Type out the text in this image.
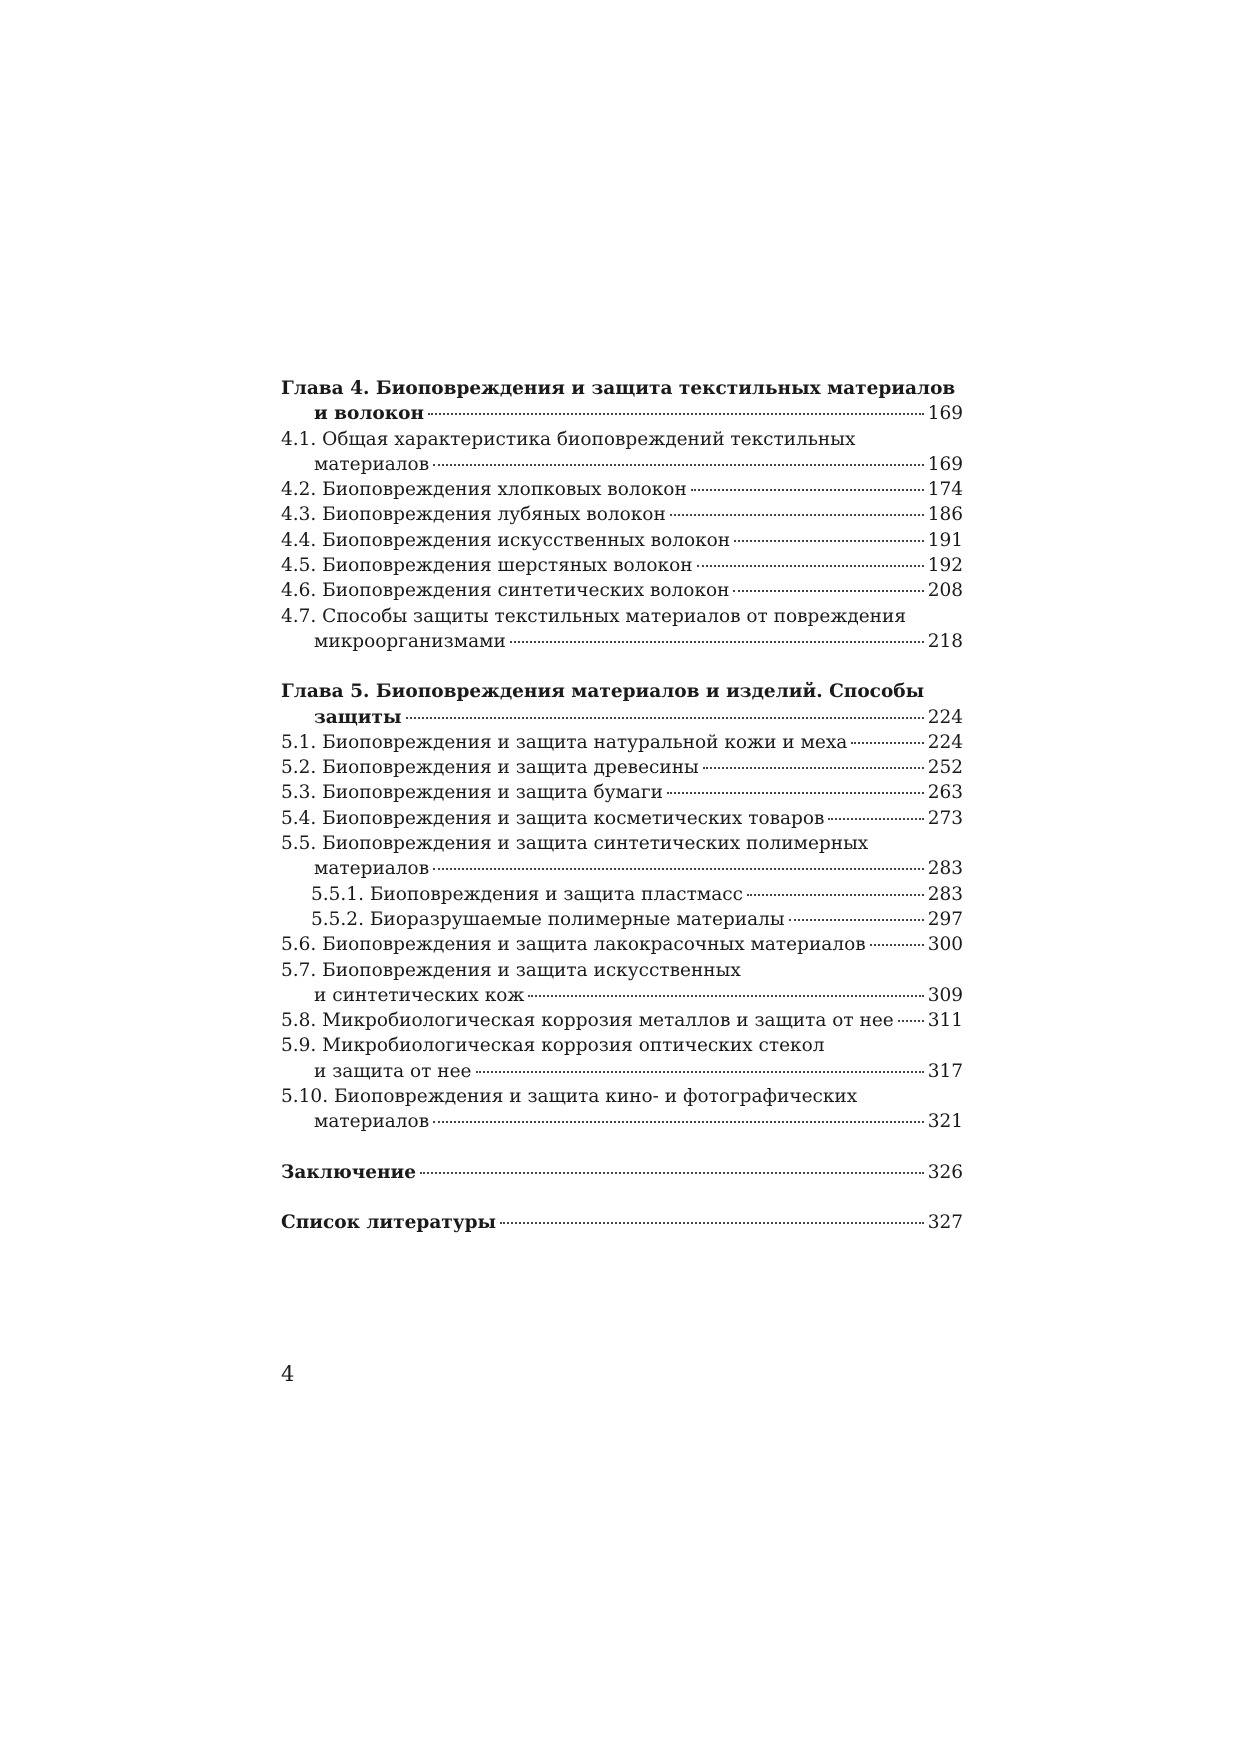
Глава 4. Биоповреждения и защита текстильных материалов
и волокон	169
4.1. Общая характеристика биоповреждений текстильных
материалов	169
4.2. Биоповреждения хлопковых волокон	174
4.3. Биоповреждения лубяных волокон	186
4.4. Биоповреждения искусственных волокон	191
4.5. Биоповреждения шерстяных волокон	192
4.6. Биоповреждения синтетических волокон	208
4.7. Способы защиты текстильных материалов от повреждения
микроорганизмами	218
Глава 5. Биоповреждения материалов и изделий. Способы
защиты	224
5.1. Биоповреждения и защита натуральной кожи и меха	224
5.2. Биоповреждения и защита древесины	252
5.3. Биоповреждения и защита бумаги	263
5.4. Биоповреждения и защита косметических товаров	273
5.5. Биоповреждения и защита синтетических полимерных
материалов	283
5.5.1. Биоповреждения и защита пластмасс	283
5.5.2. Биоразрушаемые полимерные материалы	297
5.6. Биоповреждения и защита лакокрасочных материалов	300
5.7. Биоповреждения и защита искусственных
и синтетических кож	309
5.8. Микробиологическая коррозия металлов и защита от нее 311
5.9. Микробиологическая коррозия оптических стекол
и защита от нее	317
5.10. Биоповреждения и защита кино- и фотографических
материалов	321
Заключение	326
Список литературы	327
4
